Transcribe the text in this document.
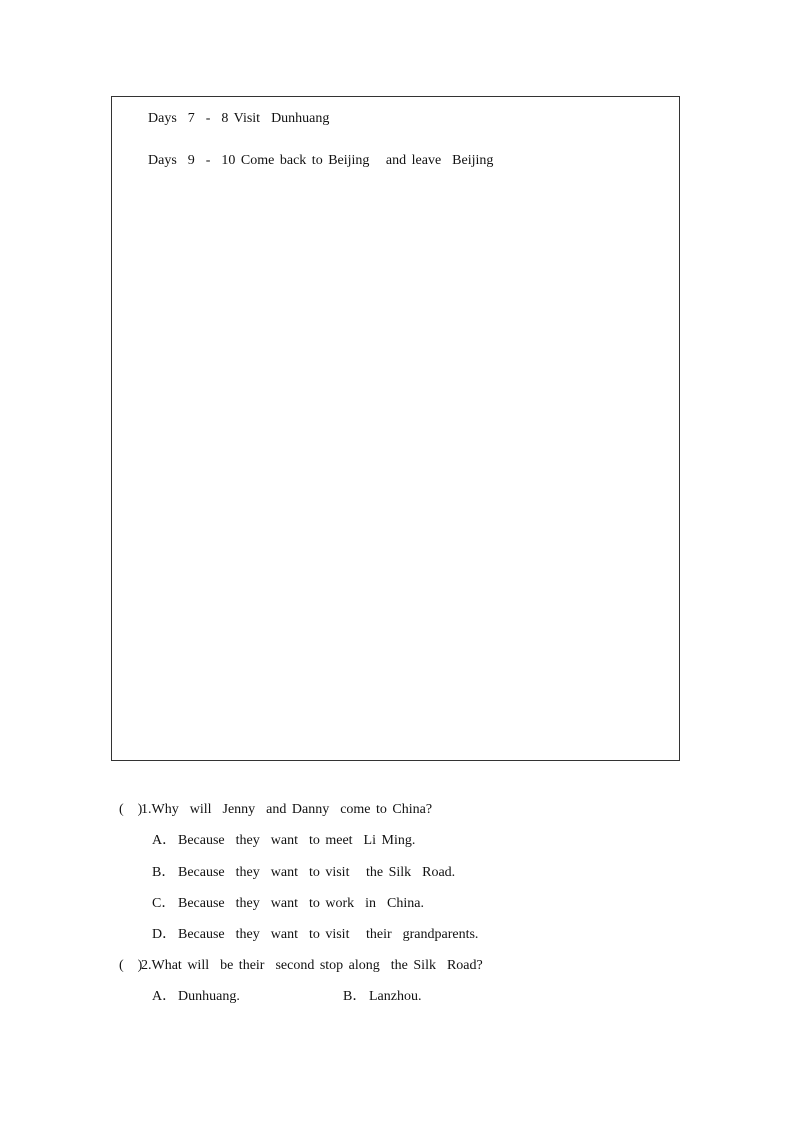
Days  7  -  8 Visit  Dunhuang
Days  9  -  10 Come back to Beijing   and leave  Beijing
(    )
1.Why  will  Jenny  and Danny  come to China?
A． Because  they  want  to meet  Li Ming.
B． Because  they  want  to visit   the Silk  Road.
C． Because  they  want  to work  in  China.
D． Because  they  want  to visit   their  grandparents.
(    )
2.What will  be their  second stop along  the Silk  Road?
A． Dunhuang.	B． Lanzhou.
